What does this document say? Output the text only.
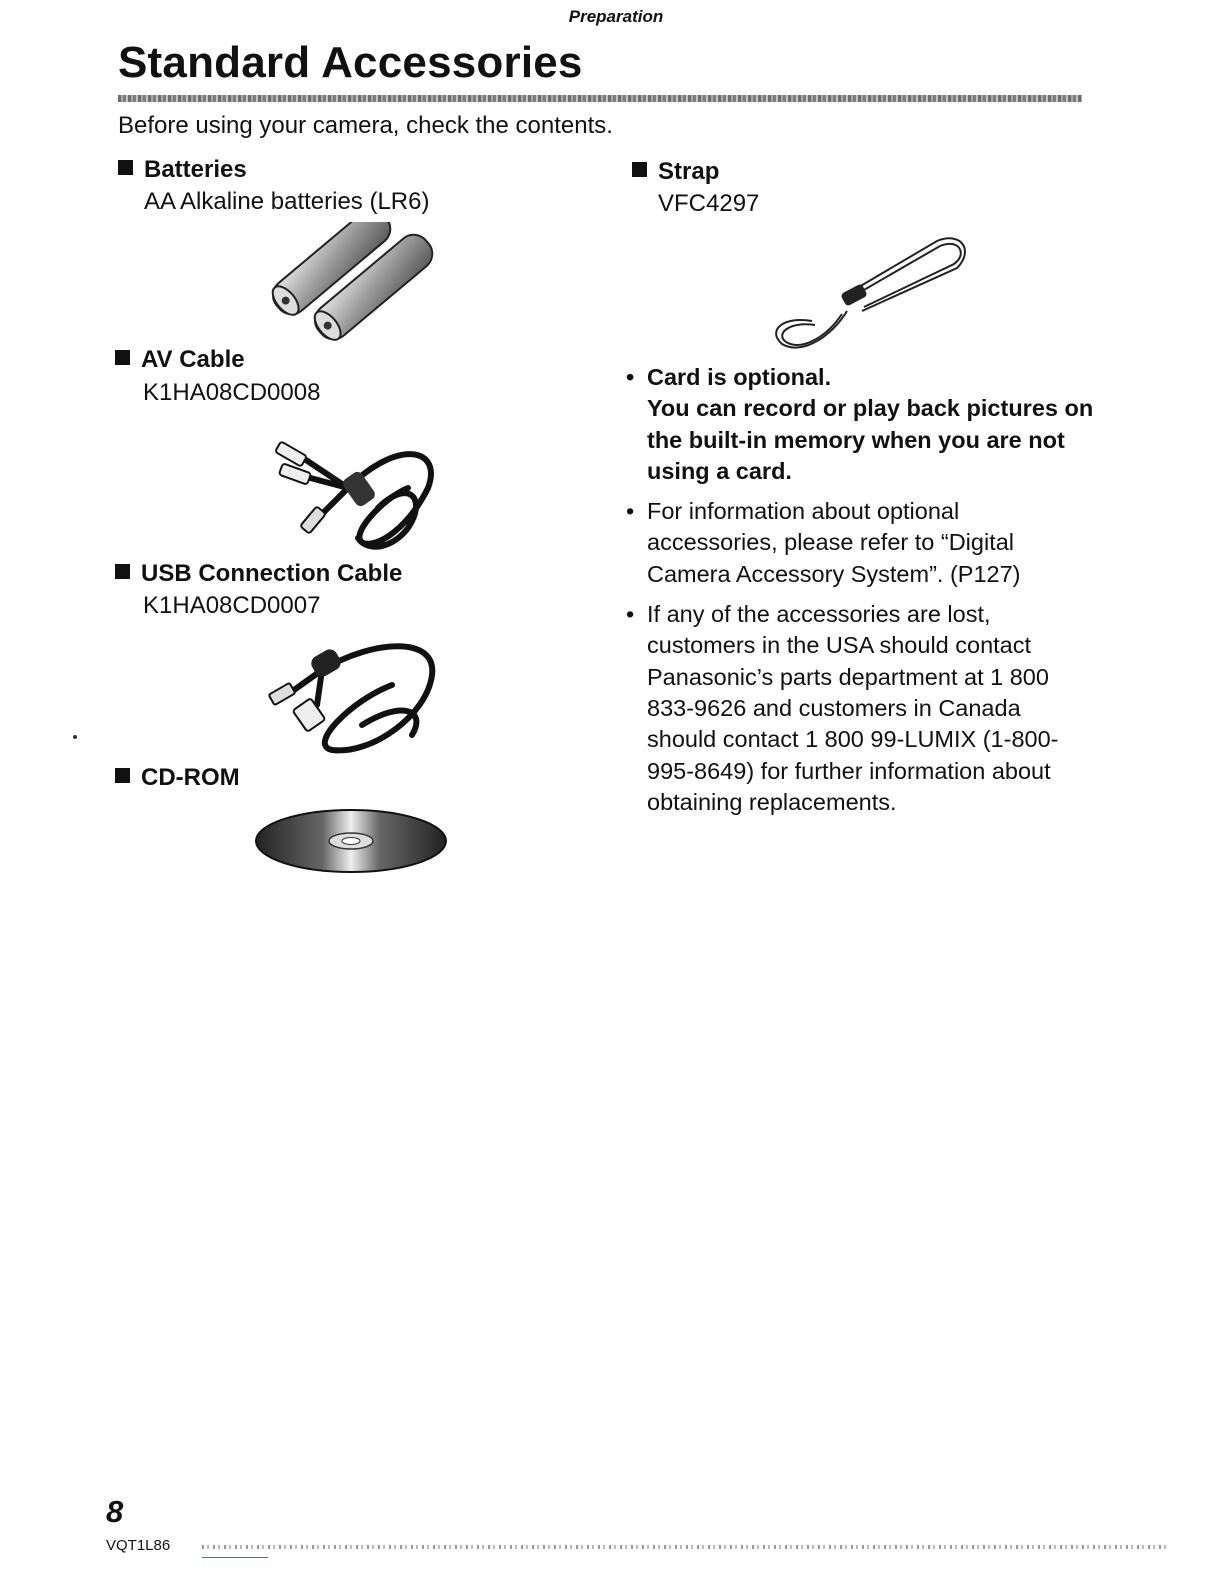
Preparation
Standard Accessories
Before using your camera, check the contents.
Batteries
AA Alkaline batteries (LR6)
AV Cable
K1HA08CD0008
USB Connection Cable
K1HA08CD0007
CD-ROM
Strap
VFC4297
• Card is optional.
You can record or play back pictures on the built-in memory when you are not using a card.
• For information about optional accessories, please refer to “Digital Camera Accessory System”. (P127)
• If any of the accessories are lost, customers in the USA should contact Panasonic’s parts department at 1 800 833-9626 and customers in Canada should contact 1 800 99-LUMIX (1-800-995-8649) for further information about obtaining replacements.
8
VQT1L86
